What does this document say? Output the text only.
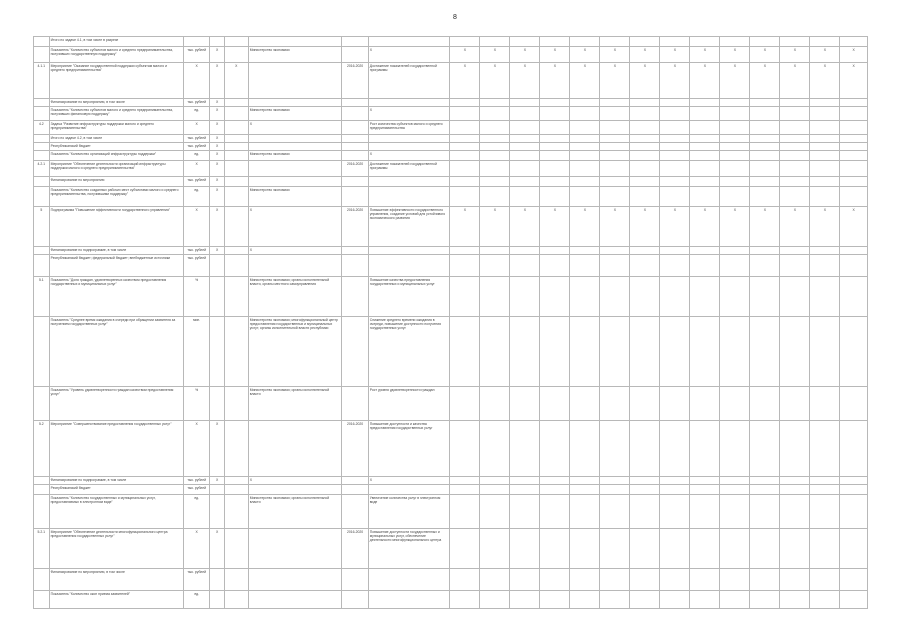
8
	Итого по задаче 4.1, в том числе в разрезе																				
	Показатель "Количество субъектов малого и среднего предпринимательства, получивших государственную поддержку"	тыс. рублей	Х		Министерство экономики		Х	Х	Х	Х	Х	Х	Х	Х	Х	Х	Х	Х	Х	Х	Х
4.1.1	Мероприятие "Оказание государственной поддержки субъектам малого и среднего предпринимательства"	Х	Х	Х		2016-2020	Достижение показателей государственной программы	Х	Х	Х	Х	Х	Х	Х	Х	Х	Х	Х	Х	Х	Х
	Финансирование по мероприятию, в том числе	тыс. рублей	Х																		
	Показатель "Количество субъектов малого и среднего предпринимательства, получивших финансовую поддержку"	ед.	Х		Министерство экономики		Х														
4.2	Задача "Развитие инфраструктуры поддержки малого и среднего предпринимательства"	Х	Х		Х		Рост количества субъектов малого и среднего предпринимательства														
	Итого по задаче 4.2, в том числе	тыс. рублей	Х																		
	Республиканский бюджет	тыс. рублей	Х																		
	Показатель "Количество организаций инфраструктуры поддержки"	ед.	Х		Министерство экономики		Х														
4.2.1	Мероприятие "Обеспечение деятельности организаций инфраструктуры поддержки малого и среднего предпринимательства"	Х	Х			2016-2020	Достижение показателей государственной программы														
	Финансирование по мероприятию	тыс. рублей	Х																		
	Показатель "Количество созданных рабочих мест субъектами малого и среднего предпринимательства, получившими поддержку"	ед.	Х		Министерство экономики																
5	Подпрограмма "Повышение эффективности государственного управления"	Х	Х		Х	2016-2020	Повышение эффективности государственного управления, создание условий для устойчивого экономического развития	Х	Х	Х	Х	Х	Х	Х	Х	Х	Х	Х	Х	Х	Х
	Финансирование по подпрограмме, в том числе	тыс. рублей	Х		Х																
	Республиканский бюджет; федеральный бюджет; внебюджетные источники	тыс. рублей																			
5.1	Показатель "Доля граждан, удовлетворенных качеством предоставления государственных и муниципальных услуг"	%			Министерство экономики; органы исполнительной власти, органы местного самоуправления		Повышение качества предоставления государственных и муниципальных услуг														
	Показатель "Среднее время ожидания в очереди при обращении заявителя за получением государственных услуг"	мин.			Министерство экономики; многофункциональный центр предоставления государственных и муниципальных услуг; органы исполнительной власти республики		Снижение среднего времени ожидания в очереди, повышение доступности получения государственных услуг														
	Показатель "Уровень удовлетворенности граждан качеством предоставления услуг"	%			Министерство экономики; органы исполнительной власти		Рост уровня удовлетворенности граждан														
5.2	Мероприятие "Совершенствование предоставления государственных услуг"	Х	Х			2016-2020	Повышение доступности и качества предоставления государственных услуг														
	Финансирование по подпрограмме, в том числе	тыс. рублей	Х		Х		Х														
	Республиканский бюджет	тыс. рублей																			
	Показатель "Количество государственных и муниципальных услуг, предоставляемых в электронном виде"	ед.			Министерство экономики; органы исполнительной власти		Увеличение количества услуг в электронном виде														
5.2.1	Мероприятие "Обеспечение деятельности многофункционального центра предоставления государственных услуг"	Х	Х			2016-2020	Повышение доступности государственных и муниципальных услуг, обеспечение деятельности многофункционального центра														
	Финансирование по мероприятию, в том числе	тыс. рублей																			
	Показатель "Количество окон приема заявителей"	ед.																			
